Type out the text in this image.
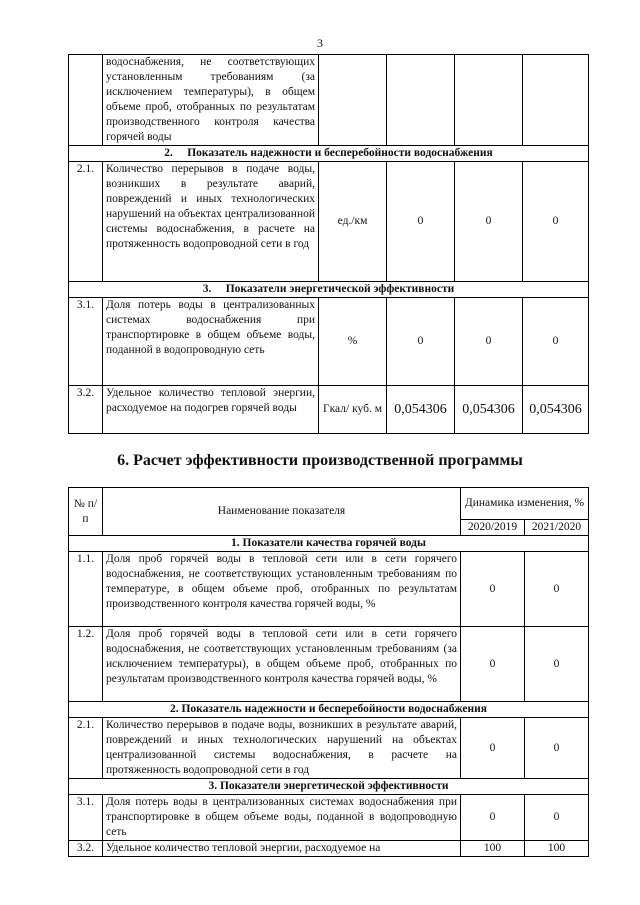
3
	водоснабжения, не соответствующих установленным требованиям (за исключением температуры), в общем объеме проб, отобранных по результатам производственного контроля качества горячей воды				
2. Показатель надежности и бесперебойности водоснабжения					
2.1.	Количество перерывов в подаче воды, возникших в результате аварий, повреждений и иных технологических нарушений на объектах централизованной системы водоснабжения, в расчете на протяженность водопроводной сети в год	ед./км	0	0	0
3. Показатели энергетической эффективности					
3.1.	Доля потерь воды в централизованных системах водоснабжения при транспортировке в общем объеме воды, поданной в водопроводную сеть	%	0	0	0
3.2.	Удельное количество тепловой энергии, расходуемое на подогрев горячей воды	Гкал/ куб. м	0,054306	0,054306	0,054306
6. Расчет эффективности производственной программы
№ п/п	Наименование показателя	Динамика изменения, %	
		2020/2019	2021/2020
1. Показатели качества горячей воды			
1.1.	Доля проб горячей воды в тепловой сети или в сети горячего водоснабжения, не соответствующих установленным требованиям по температуре, в общем объеме проб, отобранных по результатам производственного контроля качества горячей воды, %	0	0
1.2.	Доля проб горячей воды в тепловой сети или в сети горячего водоснабжения, не соответствующих установленным требованиям (за исключением температуры), в общем объеме проб, отобранных по результатам производственного контроля качества горячей воды, %	0	0
2. Показатель надежности и бесперебойности водоснабжения			
2.1.	Количество перерывов в подаче воды, возникших в результате аварий, повреждений и иных технологических нарушений на объектах централизованной системы водоснабжения, в расчете на протяженность водопроводной сети в год	0	0
3. Показатели энергетической эффективности			
3.1.	Доля потерь воды в централизованных системах водоснабжения при транспортировке в общем объеме воды, поданной в водопроводную сеть	0	0
3.2.	Удельное количество тепловой энергии, расходуемое на	100	100
